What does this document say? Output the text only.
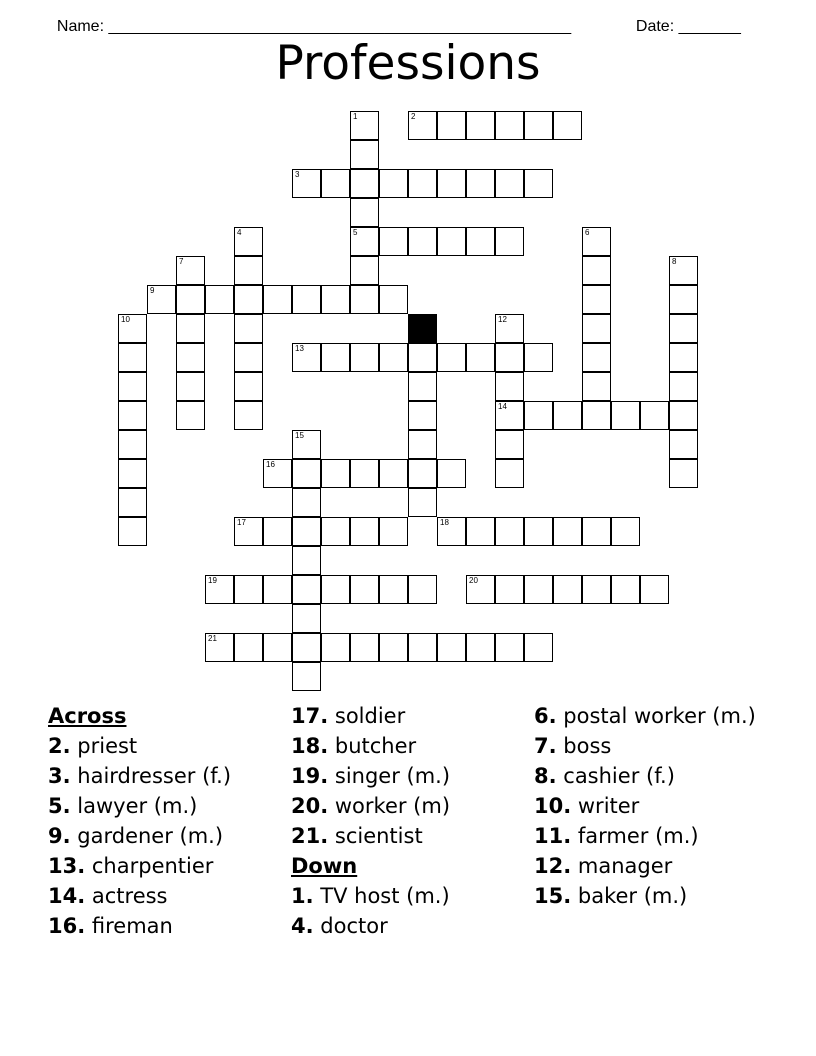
Name: ____________________________________________________	Date: _______

Professions
1
5
2
3
4	6
7	8
9
10	12
14
13
15
16
17	18
19	20
21
Across
2. priest
3. hairdresser (f.)
5. lawyer (m.)
9. gardener (m.)
13. charpentier
14. actress
16. fireman
17. soldier
18. butcher
19. singer (m.)
20. worker (m)
21. scientist
Down
1. TV host (m.)
4. doctor
6. postal worker (m.)
7. boss
8. cashier (f.)
10. writer
11. farmer (m.)
12. manager
15. baker (m.)
